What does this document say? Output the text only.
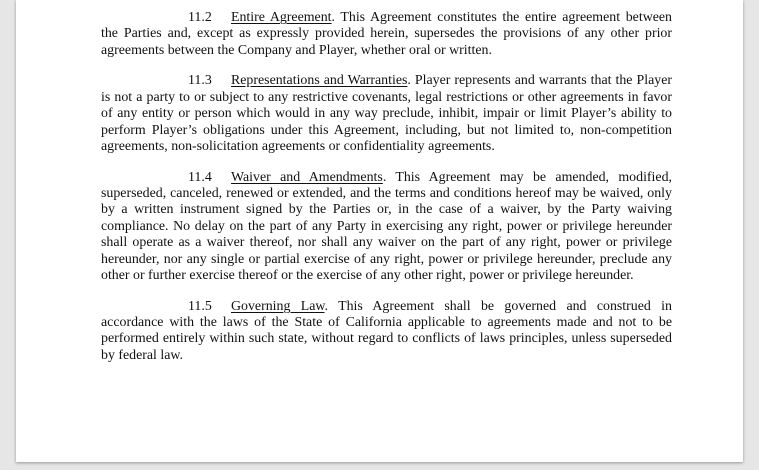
11.2 Entire Agreement. This Agreement constitutes the entire agreement between the Parties and, except as expressly provided herein, supersedes the provisions of any other prior agreements between the Company and Player, whether oral or written.

11.3 Representations and Warranties. Player represents and warrants that the Player is not a party to or subject to any restrictive covenants, legal restrictions or other agreements in favor of any entity or person which would in any way preclude, inhibit, impair or limit Player’s ability to perform Player’s obligations under this Agreement, including, but not limited to, non-competition agreements, non-solicitation agreements or confidentiality agreements.

11.4 Waiver and Amendments. This Agreement may be amended, modified, superseded, canceled, renewed or extended, and the terms and conditions hereof may be waived, only by a written instrument signed by the Parties or, in the case of a waiver, by the Party waiving compliance. No delay on the part of any Party in exercising any right, power or privilege hereunder shall operate as a waiver thereof, nor shall any waiver on the part of any right, power or privilege hereunder, nor any single or partial exercise of any right, power or privilege hereunder, preclude any other or further exercise thereof or the exercise of any other right, power or privilege hereunder.

11.5 Governing Law. This Agreement shall be governed and construed in accordance with the laws of the State of California applicable to agreements made and not to be performed entirely within such state, without regard to conflicts of laws principles, unless superseded by federal law.
